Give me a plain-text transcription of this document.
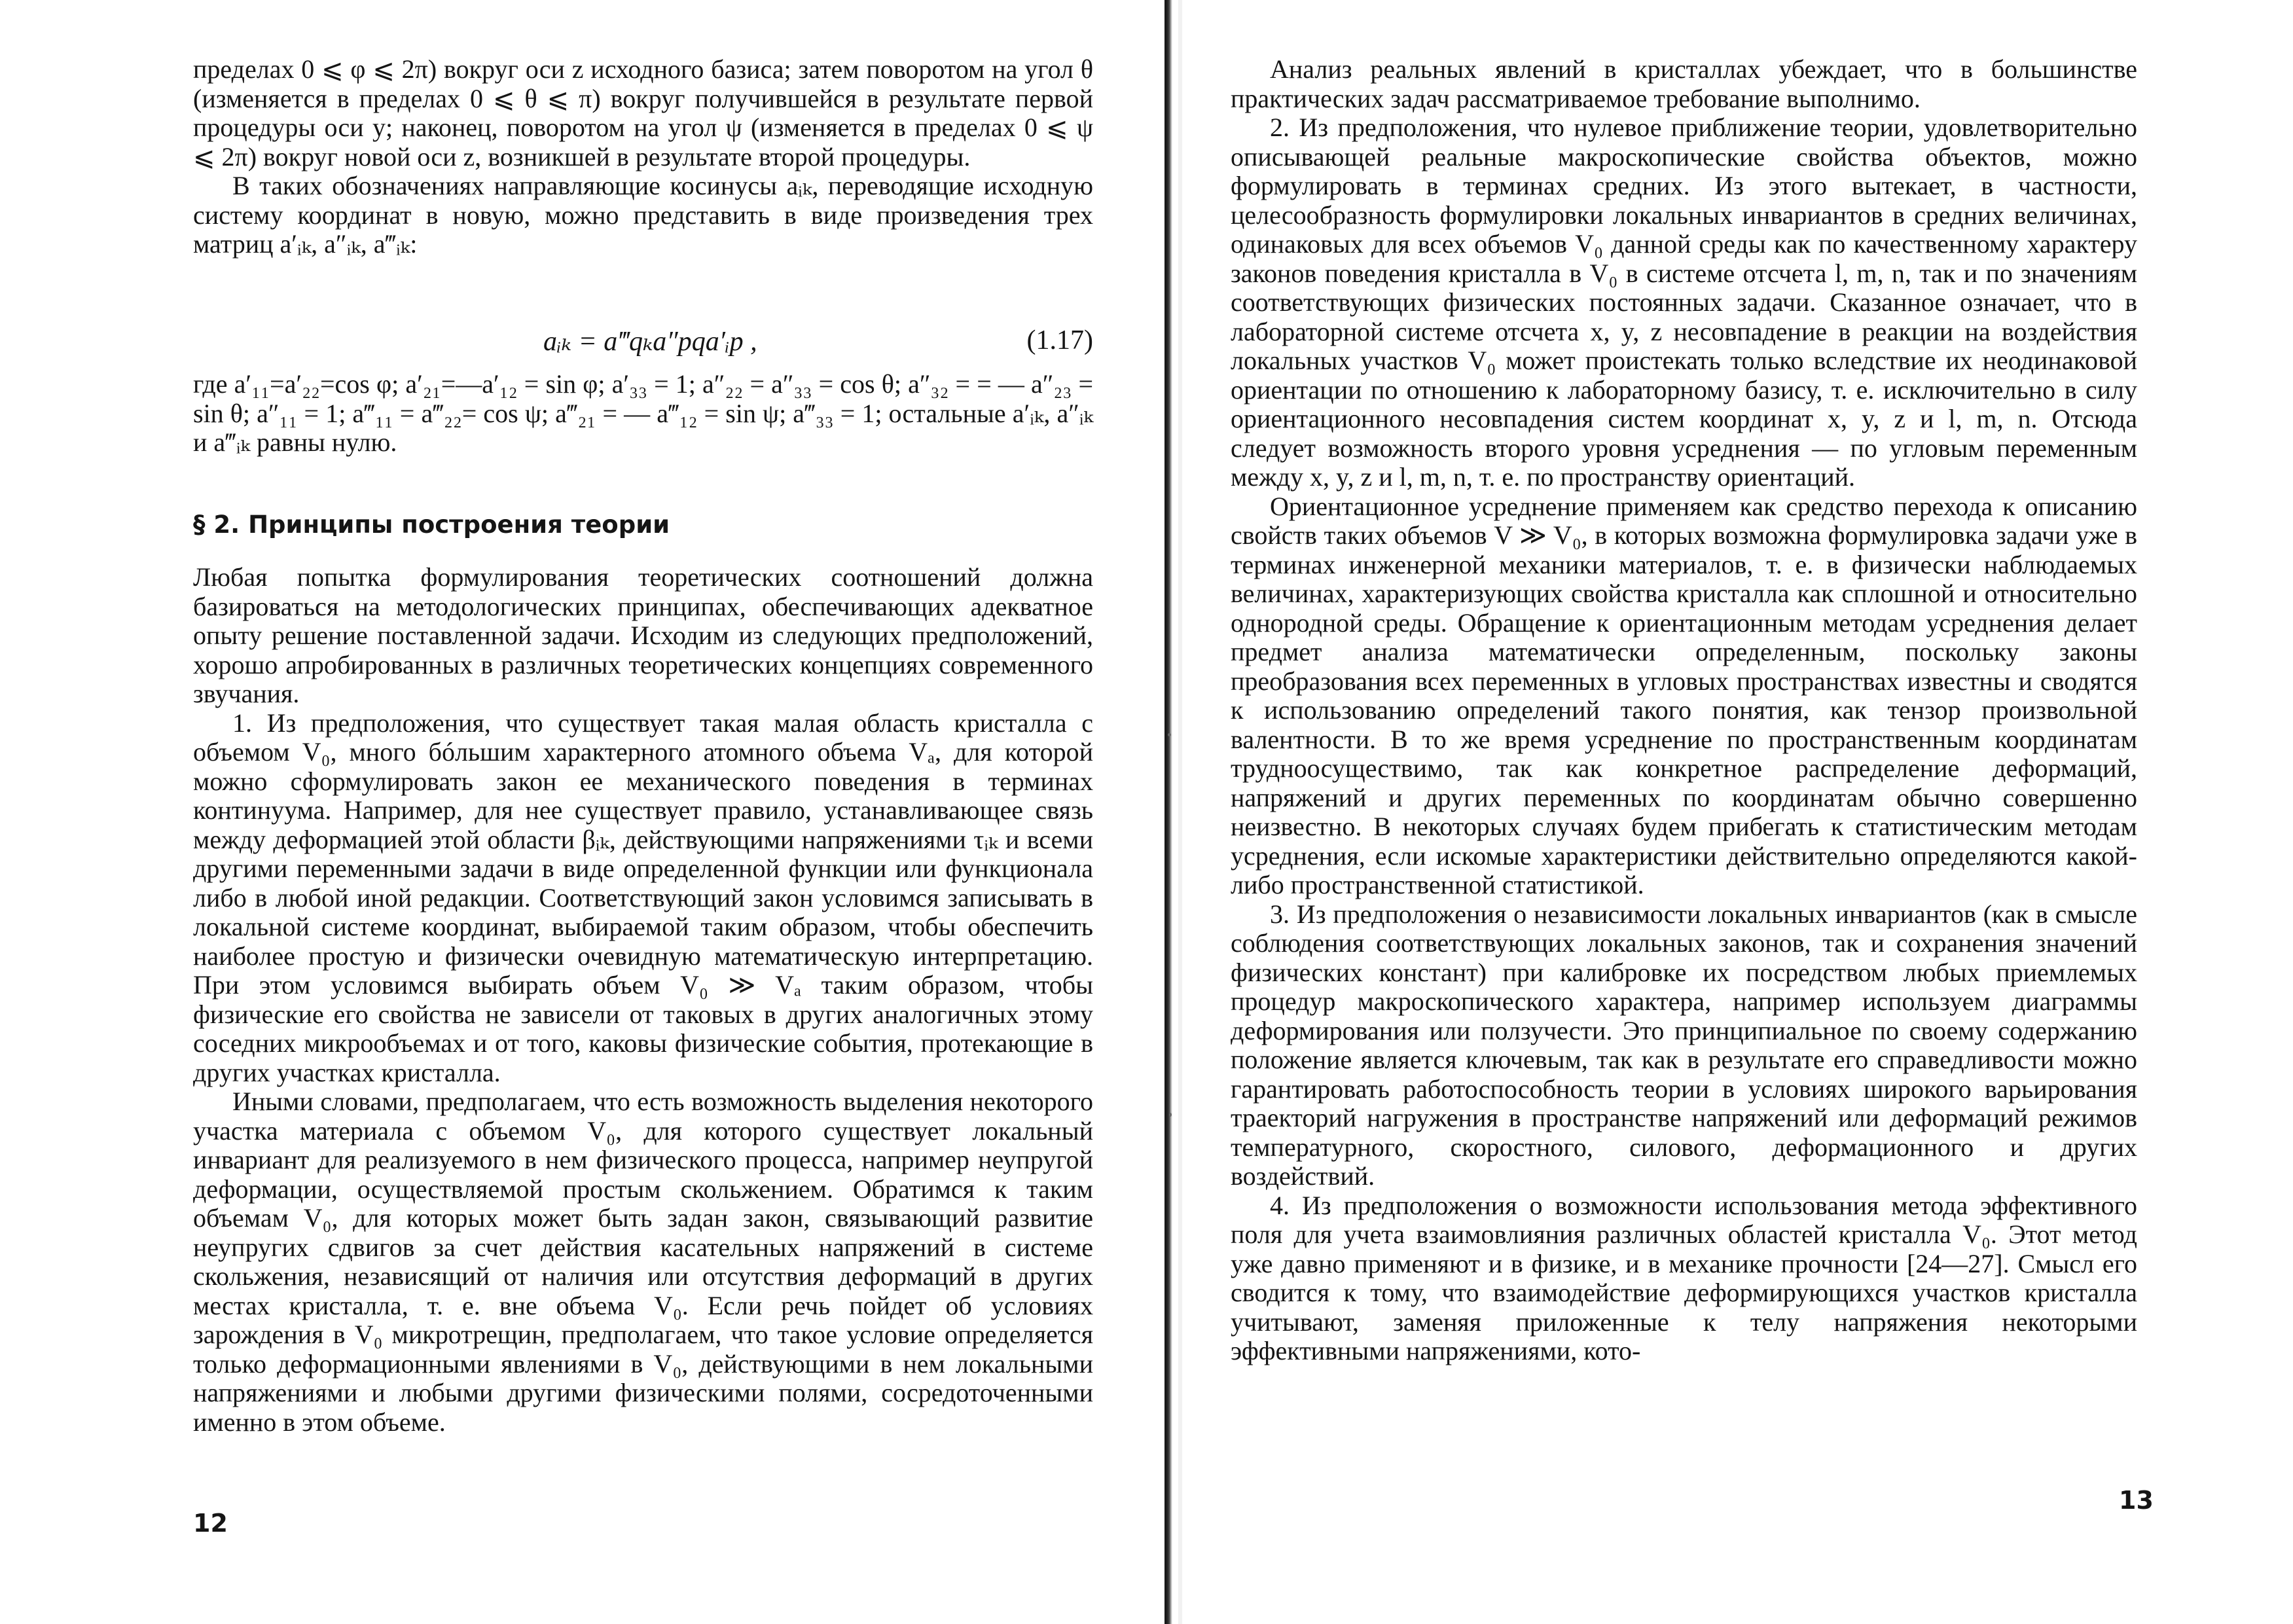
пределах 0 ⩽ φ ⩽ 2π) вокруг оси z исходного базиса; затем поворотом на угол θ (изменяется в пределах 0 ⩽ θ ⩽ π) вокруг получившейся в результате первой процедуры оси y; наконец, поворотом на угол ψ (изменяется в пределах 0 ⩽ ψ ⩽ 2π) вокруг новой оси z, возникшей в результате второй процедуры.

В таких обозначениях направляющие косинусы aᵢₖ, переводящие исходную систему координат в новую, можно представить в виде произведения трех матриц a′ᵢₖ, a″ᵢₖ, a‴ᵢₖ:

aᵢₖ = a‴qₖa″pqa′ᵢp ,	(1.17)

где a′₁₁=a′₂₂=cos φ; a′₂₁=—a′₁₂ = sin φ; a′₃₃ = 1; a″₂₂ = a″₃₃ = cos θ; a″₃₂ = = — a″₂₃ = sin θ; a″₁₁ = 1; a‴₁₁ = a‴₂₂= cos ψ; a‴₂₁ = — a‴₁₂ = sin ψ; a‴₃₃ = 1; остальные a′ᵢₖ, a″ᵢₖ и a‴ᵢₖ равны нулю.

§ 2. Принципы построения теории

Любая попытка формулирования теоретических соотношений должна базироваться на методологических принципах, обеспечивающих адекватное опыту решение поставленной задачи. Исходим из следующих предположений, хорошо апробированных в различных теоретических концепциях современного звучания.

1. Из предположения, что существует такая малая область кристалла с объемом V₀, много бóльшим характерного атомного объема Vₐ, для которой можно сформулировать закон ее механического поведения в терминах континуума. Например, для нее существует правило, устанавливающее связь между деформацией этой области βᵢₖ, действующими напряжениями τᵢₖ и всеми другими переменными задачи в виде определенной функции или функционала либо в любой иной редакции. Соответствующий закон условимся записывать в локальной системе координат, выбираемой таким образом, чтобы обеспечить наиболее простую и физически очевидную математическую интерпретацию. При этом условимся выбирать объем V₀ ≫ Vₐ таким образом, чтобы физические его свойства не зависели от таковых в других аналогичных этому соседних микрообъемах и от того, каковы физические события, протекающие в других участках кристалла.

Иными словами, предполагаем, что есть возможность выделения некоторого участка материала с объемом V₀, для которого существует локальный инвариант для реализуемого в нем физического процесса, например неупругой деформации, осуществляемой простым скольжением. Обратимся к таким объемам V₀, для которых может быть задан закон, связывающий развитие неупругих сдвигов за счет действия касательных напряжений в системе скольжения, независящий от наличия или отсутствия деформаций в других местах кристалла, т. е. вне объема V₀. Если речь пойдет об условиях зарождения в V₀ микротрещин, предполагаем, что такое условие определяется только деформационными явлениями в V₀, действующими в нем локальными напряжениями и любыми другими физическими полями, сосредоточенными именно в этом объеме.

12

Анализ реальных явлений в кристаллах убеждает, что в большинстве практических задач рассматриваемое требование выполнимо.

2. Из предположения, что нулевое приближение теории, удовлетворительно описывающей реальные макроскопические свойства объектов, можно формулировать в терминах средних. Из этого вытекает, в частности, целесообразность формулировки локальных инвариантов в средних величинах, одинаковых для всех объемов V₀ данной среды как по качественному характеру законов поведения кристалла в V₀ в системе отсчета l, m, n, так и по значениям соответствующих физических постоянных задачи. Сказанное означает, что в лабораторной системе отсчета x, y, z несовпадение в реакции на воздействия локальных участков V₀ может проистекать только вследствие их неодинаковой ориентации по отношению к лабораторному базису, т. е. исключительно в силу ориентационного несовпадения систем координат x, y, z и l, m, n. Отсюда следует возможность второго уровня усреднения — по угловым переменным между x, y, z и l, m, n, т. е. по пространству ориентаций.

Ориентационное усреднение применяем как средство перехода к описанию свойств таких объемов V ≫ V₀, в которых возможна формулировка задачи уже в терминах инженерной механики материалов, т. е. в физически наблюдаемых величинах, характеризующих свойства кристалла как сплошной и относительно однородной среды. Обращение к ориентационным методам усреднения делает предмет анализа математически определенным, поскольку законы преобразования всех переменных в угловых пространствах известны и сводятся к использованию определений такого понятия, как тензор произвольной валентности. В то же время усреднение по пространственным координатам трудноосуществимо, так как конкретное распределение деформаций, напряжений и других переменных по координатам обычно совершенно неизвестно. В некоторых случаях будем прибегать к статистическим методам усреднения, если искомые характеристики действительно определяются какой-либо пространственной статистикой.

3. Из предположения о независимости локальных инвариантов (как в смысле соблюдения соответствующих локальных законов, так и сохранения значений физических констант) при калибровке их посредством любых приемлемых процедур макроскопического характера, например используем диаграммы деформирования или ползучести. Это принципиальное по своему содержанию положение является ключевым, так как в результате его справедливости можно гарантировать работоспособность теории в условиях широкого варьирования траекторий нагружения в пространстве напряжений или деформаций режимов температурного, скоростного, силового, деформационного и других воздействий.

4. Из предположения о возможности использования метода эффективного поля для учета взаимовлияния различных областей кристалла V₀. Этот метод уже давно применяют и в физике, и в механике прочности [24—27]. Смысл его сводится к тому, что взаимодействие деформирующихся участков кристалла учитывают, заменяя приложенные к телу напряжения некоторыми эффективными напряжениями, кото-

13
